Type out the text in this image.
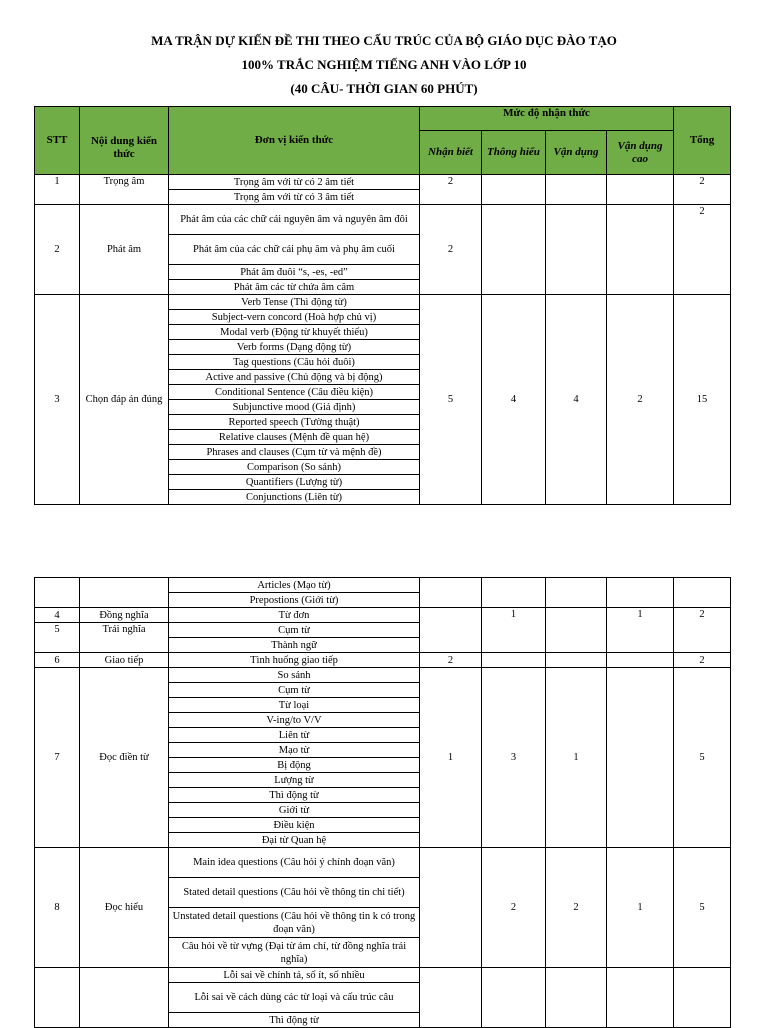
MA TRẬN DỰ KIẾN ĐỀ THI THEO CẤU TRÚC CỦA BỘ GIÁO DỤC ĐÀO TẠO
100% TRẮC NGHIỆM TIẾNG ANH VÀO LỚP 10
(40 CÂU- THỜI GIAN 60 PHÚT)
STT	Nội dung kiến thức	Đơn vị kiến thức	Mức độ nhận thức				Tổng
			Nhận biết	Thông hiểu	Vận dụng	Vận dụng cao	
1	Trọng âm	Trọng âm với từ có 2 âm tiết	2				2
		Trọng âm với từ có 3 âm tiết					
2	Phát âm	Phát âm của các chữ cái nguyên âm và nguyên âm đôi	2				2
		Phát âm của các chữ cái phụ âm và phụ âm cuối					
		Phát âm đuôi “s, -es, -ed”					
		Phát âm các từ chứa âm câm					
3	Chọn đáp án đúng	Verb Tense (Thì động từ)	5	4	4	2	15
		Subject-vern concord (Hoà hợp chủ vị)					
		Modal verb (Động từ khuyết thiếu)					
		Verb forms (Dạng động từ)					
		Tag questions (Câu hỏi đuôi)					
		Active and passive (Chủ động và bị động)					
		Conditional Sentence (Câu điều kiện)					
		Subjunctive mood (Giả định)					
		Reported speech (Tường thuật)					
		Relative clauses (Mệnh đề quan hệ)					
		Phrases and clauses (Cụm từ và mệnh đề)					
		Comparison (So sánh)					
		Quantifiers (Lượng từ)					
		Conjunctions (Liên từ)					
		Articles (Mạo từ)					
		Prepostions (Giới từ)					
4	Đồng nghĩa	Từ đơn		1		1	2
5	Trái nghĩa	Cụm từ					
		Thành ngữ					
6	Giao tiếp	Tình huống giao tiếp	2				2
7	Đọc điền từ	So sánh	1	3	1		5
		Cụm từ					
		Từ loại					
		V-ing/to V/V					
		Liên từ					
		Mạo từ					
		Bị động					
		Lượng từ					
		Thì động từ					
		Giới từ					
		Điều kiện					
		Đại từ Quan hệ					
8	Đọc hiểu	Main idea questions (Câu hỏi ý chính đoạn văn)		2	2	1	5
		Stated detail questions (Câu hỏi về thông tin chi tiết)					
		Unstated detail questions (Câu hỏi về thông tin k có trong đoạn văn)					
		Câu hỏi về từ vựng (Đại từ ám chỉ, từ đồng nghĩa trái nghĩa)					
		Lỗi sai về chính tả, số ít, số nhiều					
		Lỗi sai về cách dùng các từ loại và cấu trúc câu					
		Thì động từ					
